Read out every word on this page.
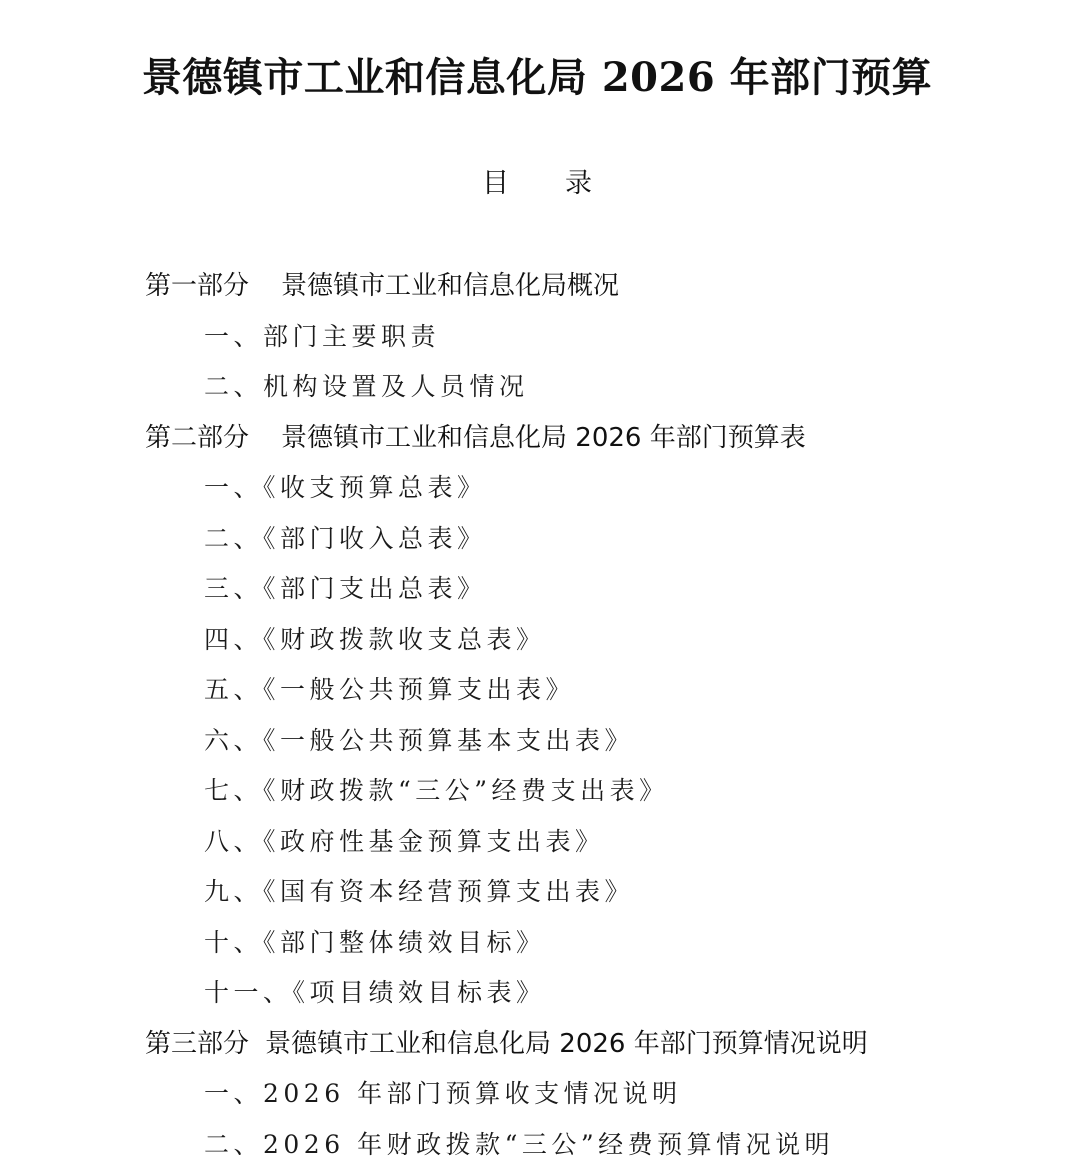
景德镇市工业和信息化局 2026 年部门预算
目录
第一部分 景德镇市工业和信息化局概况
一、部门主要职责
二、机构设置及人员情况
第二部分 景德镇市工业和信息化局 2026 年部门预算表
一、《收支预算总表》
二、《部门收入总表》
三、《部门支出总表》
四、《财政拨款收支总表》
五、《一般公共预算支出表》
六、《一般公共预算基本支出表》
七、《财政拨款“三公”经费支出表》
八、《政府性基金预算支出表》
九、《国有资本经营预算支出表》
十、《部门整体绩效目标》
十一、《项目绩效目标表》
第三部分 景德镇市工业和信息化局 2026 年部门预算情况说明
一、2026 年部门预算收支情况说明
二、2026 年财政拨款“三公”经费预算情况说明
